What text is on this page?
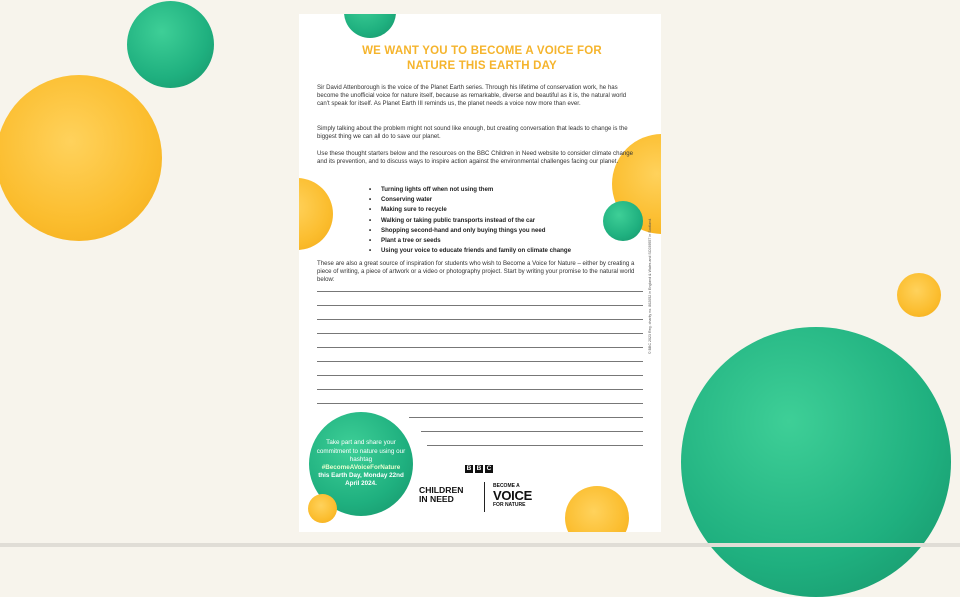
WE WANT YOU TO BECOME A VOICE FOR
NATURE THIS EARTH DAY
Sir David Attenborough is the voice of the Planet Earth series. Through his lifetime of conservation work, he has become the unofficial voice for nature itself, because as remarkable, diverse and beautiful as it is, the natural world can't speak for itself. As Planet Earth III reminds us, the planet needs a voice now more than ever.
Simply talking about the problem might not sound like enough, but creating conversation that leads to change is the biggest thing we can all do to save our planet.
Use these thought starters below and the resources on the BBC Children in Need website to consider climate change and its prevention, and to discuss ways to inspire action against the environmental challenges facing our planet.
• Turning lights off when not using them
• Conserving water
• Making sure to recycle
• Walking or taking public transports instead of the car
• Shopping second-hand and only buying things you need
• Plant a tree or seeds
• Using your voice to educate friends and family on climate change
These are also a great source of inspiration for students who wish to Become a Voice for Nature – either by creating a piece of writing, a piece of artwork or a video or photography project. Start by writing your promise to the natural world below:
Take part and share your commitment to nature using our hashtag
#BecomeAVoiceForNature
this Earth Day, Monday 22nd April 2024.
B B C
CHILDREN
IN NEED
BECOME A
VOICE
FOR NATURE
© BBC 2023 Reg. charity no. 802052 in England & Wales and SC039557 in Scotland.
